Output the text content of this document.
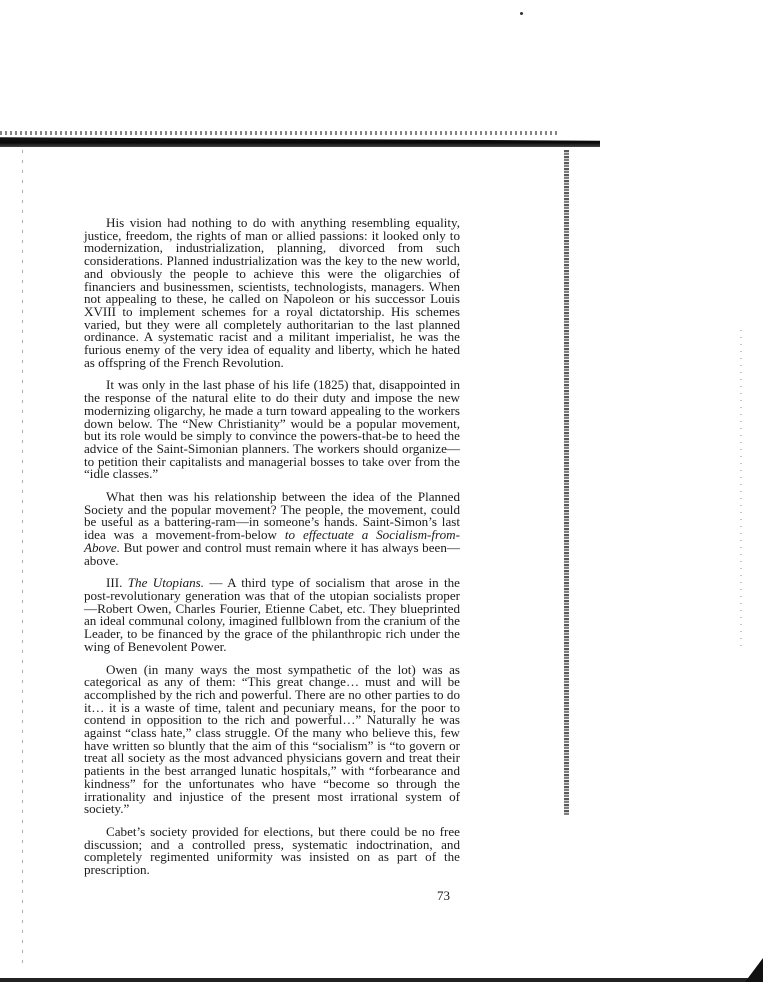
His vision had nothing to do with anything resembling equality, justice, freedom, the rights of man or allied passions: it looked only to modernization, industrialization, planning, divorced from such considerations. Planned industrialization was the key to the new world, and obviously the people to achieve this were the oligarchies of financiers and businessmen, scientists, technologists, managers. When not appealing to these, he called on Napoleon or his successor Louis XVIII to implement schemes for a royal dictatorship. His schemes varied, but they were all completely authoritarian to the last planned ordinance. A systematic racist and a militant imperialist, he was the furious enemy of the very idea of equality and liberty, which he hated as offspring of the French Revolution.

It was only in the last phase of his life (1825) that, disappointed in the response of the natural elite to do their duty and impose the new modernizing oligarchy, he made a turn toward appealing to the workers down below. The “New Christianity” would be a popular movement, but its role would be simply to convince the powers-that-be to heed the advice of the Saint-Simonian planners. The workers should organize—to petition their capitalists and managerial bosses to take over from the “idle classes.”

What then was his relationship between the idea of the Planned Society and the popular movement? The people, the movement, could be useful as a battering-ram—in someone’s hands. Saint-Simon’s last idea was a movement-from-below to effectuate a Socialism-from-Above. But power and control must remain where it has always been—above.

III. The Utopians. — A third type of socialism that arose in the post-revolutionary generation was that of the utopian socialists proper—Robert Owen, Charles Fourier, Etienne Cabet, etc. They blueprinted an ideal communal colony, imagined fullblown from the cranium of the Leader, to be financed by the grace of the philanthropic rich under the wing of Benevolent Power.

Owen (in many ways the most sympathetic of the lot) was as categorical as any of them: “This great change… must and will be accomplished by the rich and powerful. There are no other parties to do it… it is a waste of time, talent and pecuniary means, for the poor to contend in opposition to the rich and powerful…” Naturally he was against “class hate,” class struggle. Of the many who believe this, few have written so bluntly that the aim of this “socialism” is “to govern or treat all society as the most advanced physicians govern and treat their patients in the best arranged lunatic hospitals,” with “forbearance and kindness” for the unfortunates who have “become so through the irrationality and injustice of the present most irrational system of society.”

Cabet’s society provided for elections, but there could be no free discussion; and a controlled press, systematic indoctrination, and completely regimented uniformity was insisted on as part of the prescription.

73
